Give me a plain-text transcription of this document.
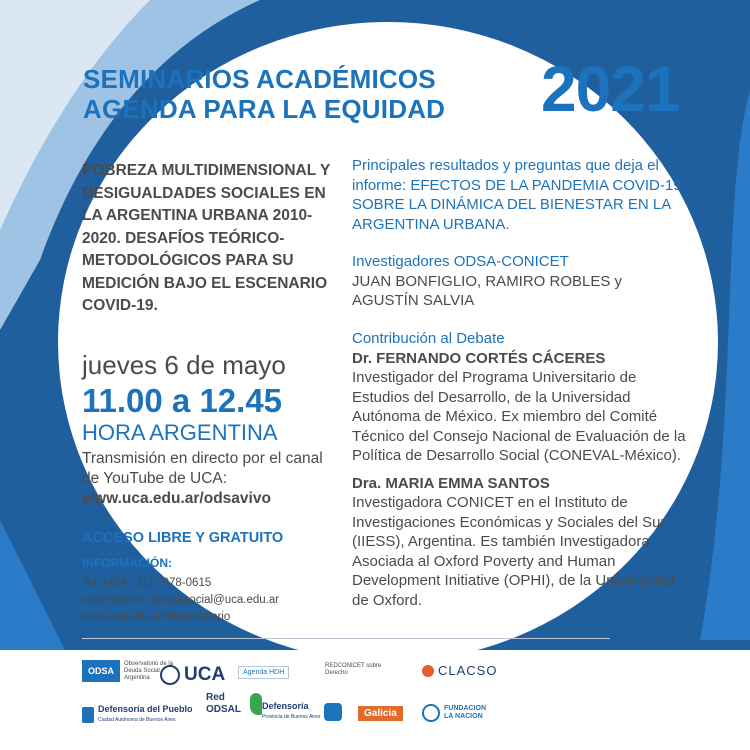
SEMINARIOS ACADÉMICOS
AGENDA PARA LA EQUIDAD 2021
POBREZA MULTIDIMENSIONAL Y DESIGUALDADES SOCIALES EN LA ARGENTINA URBANA 2010-2020. DESAFÍOS TEÓRICO-METODOLÓGICOS PARA SU MEDICIÓN BAJO EL ESCENARIO COVID-19.
jueves 6 de mayo
11.00 a 12.45
HORA ARGENTINA
Transmisión en directo por el canal de YouTube de UCA:
www.uca.edu.ar/odsavivo
ACCESO LIBRE Y GRATUITO
INFORMACIÓN:
Tel. (+54 - 11)-7078-0615
observatorio_deudasocial@uca.edu.ar
www.uca.edu.ar/observatorio
Principales resultados y preguntas que deja el informe: EFECTOS DE LA PANDEMIA COVID-19 SOBRE LA DINÁMICA DEL BIENESTAR EN LA ARGENTINA URBANA.
Investigadores ODSA-CONICET
JUAN BONFIGLIO, RAMIRO ROBLES y AGUSTÍN SALVIA
Contribución al Debate
Dr. FERNANDO CORTÉS CÁCERES
Investigador del Programa Universitario de Estudios del Desarrollo, de la Universidad Autónoma de México. Ex miembro del Comité Técnico del Consejo Nacional de Evaluación de la Política de Desarrollo Social (CONEVAL-México).
Dra. MARIA EMMA SANTOS
Investigadora CONICET en el Instituto de Investigaciones Económicas y Sociales del Sur (IIESS), Argentina. Es también Investigadora Asociada al Oxford Poverty and Human Development Initiative (OPHI), de la Universidad de Oxford.
ODSA
Observatorio de la Deuda Social Argentina	UCA	Agenda HDH
REDCONICET sobre Derecho	CLACSO
Defensoría del Pueblo
Ciudad Autónoma de Buenos Aires
Red ODSAL	Defensoría
Provincia de Buenos Aires	Galicia	FUNDACION LA NACION
